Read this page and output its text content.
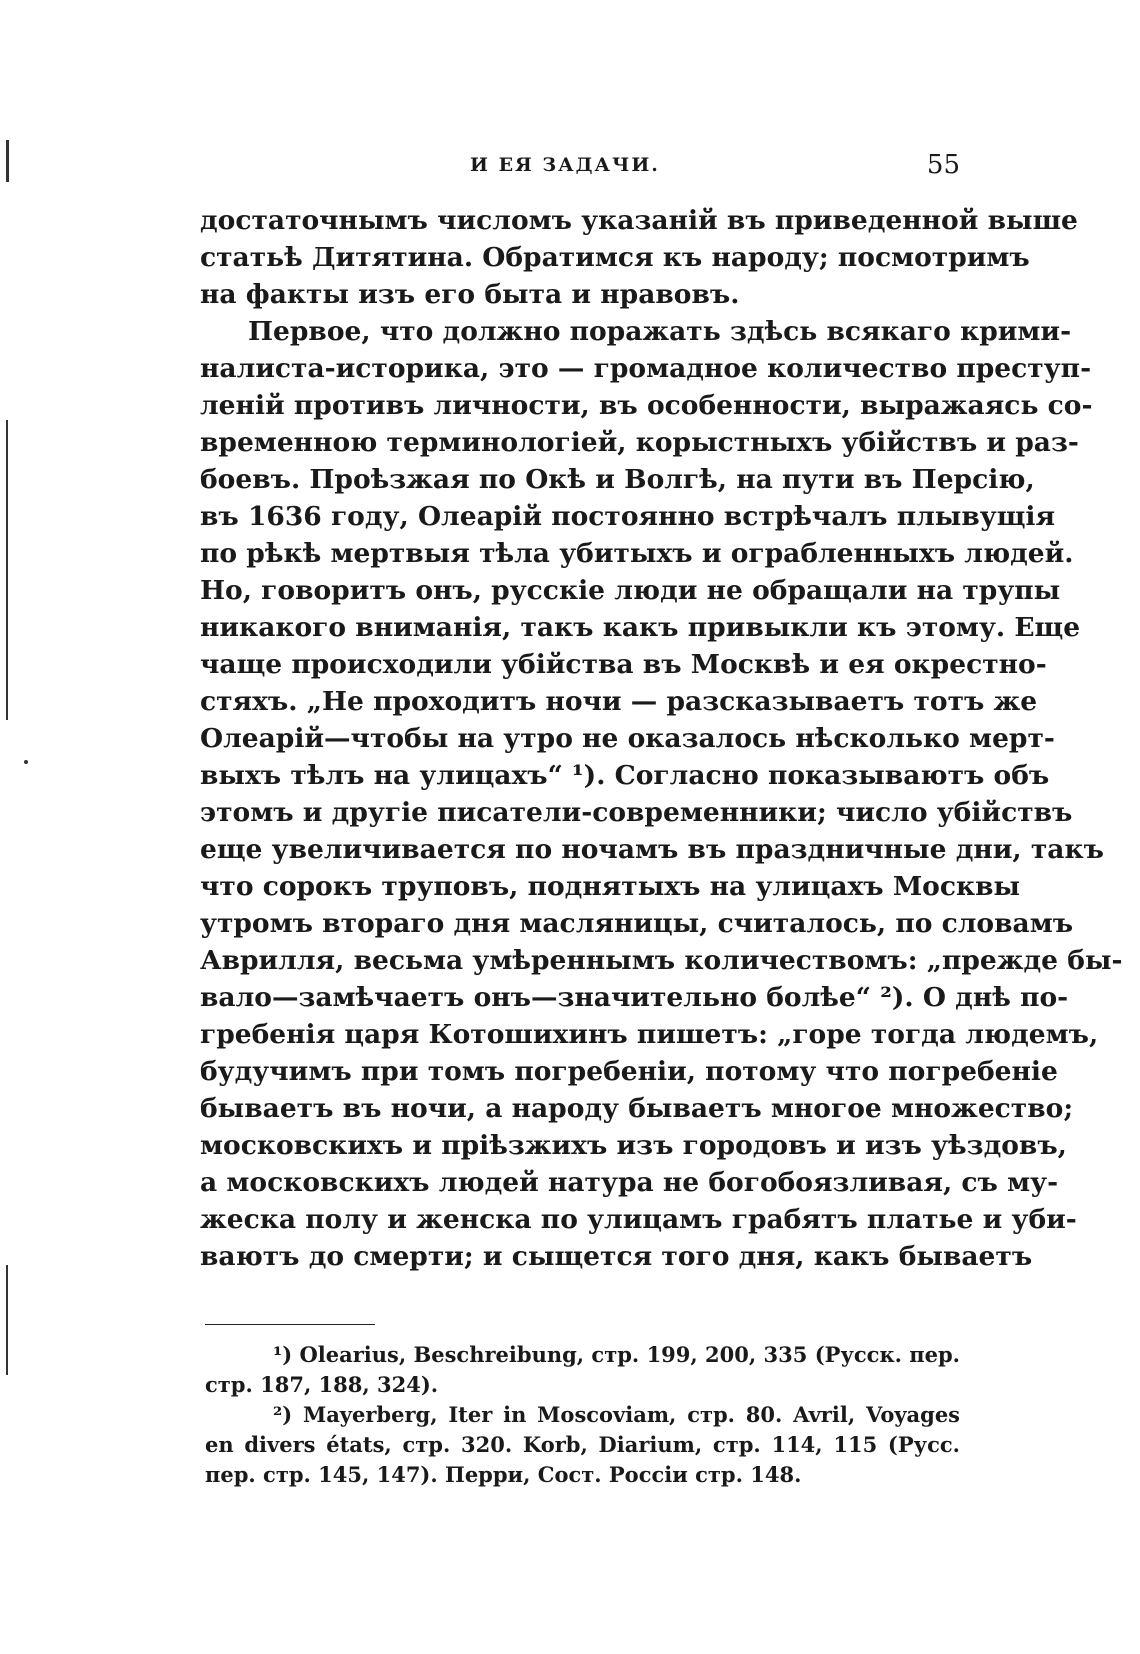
И ЕЯ ЗАДАЧИ.	55
достаточнымъ числомъ указаній въ приведенной выше
статьѣ Дитятина. Обратимся къ народу; посмотримъ
на факты изъ его быта и нравовъ.
Первое, что должно поражать здѣсь всякаго крими-
налиста-историка, это — громадное количество преступ-
леній противъ личности, въ особенности, выражаясь со-
временною терминологіей, корыстныхъ убійствъ и раз-
боевъ. Проѣзжая по Окѣ и Волгѣ, на пути въ Персію,
въ 1636 году, Олеарій постоянно встрѣчалъ плывущія
по рѣкѣ мертвыя тѣла убитыхъ и ограбленныхъ людей.
Но, говоритъ онъ, русскіе люди не обращали на трупы
никакого вниманія, такъ какъ привыкли къ этому. Еще
чаще происходили убійства въ Москвѣ и ея окрестно-
стяхъ. „Не проходитъ ночи — разсказываетъ тотъ же
Олеарій—чтобы на утро не оказалось нѣсколько мерт-
выхъ тѣлъ на улицахъ“ ¹). Согласно показываютъ объ
этомъ и другіе писатели-современники; число убійствъ
еще увеличивается по ночамъ въ праздничные дни, такъ
что сорокъ труповъ, поднятыхъ на улицахъ Москвы
утромъ втораго дня масляницы, считалось, по словамъ
Аврилля, весьма умѣреннымъ количествомъ: „прежде бы-
вало—замѣчаетъ онъ—значительно болѣе“ ²). О днѣ по-
гребенія царя Котошихинъ пишетъ: „горе тогда людемъ,
будучимъ при томъ погребеніи, потому что погребеніе
бываетъ въ ночи, а народу бываетъ многое множество;
московскихъ и пріѣзжихъ изъ городовъ и изъ уѣздовъ,
а московскихъ людей натура не богобоязливая, съ му-
жеска полу и женска по улицамъ грабятъ платье и уби-
ваютъ до смерти; и сыщется того дня, какъ бываетъ
¹) Olearius, Beschreibung, стр. 199, 200, 335 (Русск. пер.
стр. 187, 188, 324).
²) Mayerberg, Iter in Moscoviam, стр. 80. Avril, Voyages
en divers états, стр. 320. Korb, Diarium, стр. 114, 115 (Русс.
пер. стр. 145, 147). Перри, Сост. Россіи стр. 148.
